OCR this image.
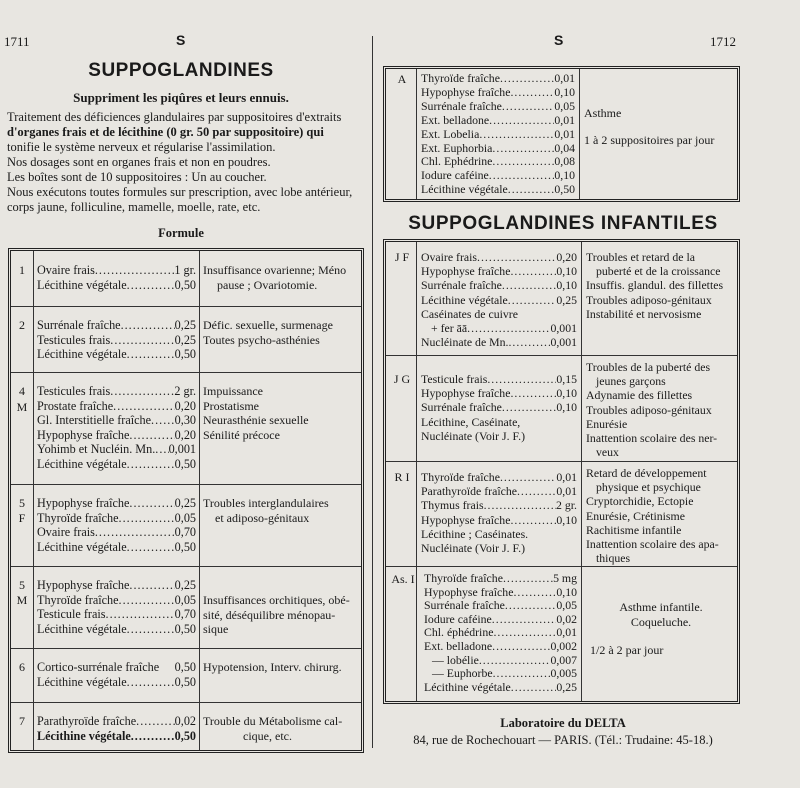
1711	S	S	1712
SUPPOGLANDINES
Suppriment les piqûres et leurs ennuis.
Traitement des déficiences glandulaires par suppositoires d'extraits
d'organes frais et de lécithine (0 gr. 50 par suppositoire) qui
tonifie le système nerveux et régularise l'assimilation.
Nos dosages sont en organes frais et non en poudres.
Les boîtes sont de 10 suppositoires : Un au coucher.
Nous exécutons toutes formules sur prescription, avec lobe antérieur,
corps jaune, folliculine, mamelle, moelle, rate, etc.
Formule
1 Ovaire frais .....	1 gr.
Lécithine végétale .....	0,50
Insuffisance ovarienne; Méno
pause ; Ovariotomie.
2 Surrénale fraîche .....	0,25
Testicules frais .....	0,25
Lécithine végétale .....	0,50
Défic. sexuelle, surmenage
Toutes psycho-asthénies
4
M
Testicules frais .....	2 gr.
Prostate fraîche .....	0,20
Gl. Interstitielle fraîche ..... 0,30
Hypophyse fraîche .....	0,20
Yohimb et Nucléin. Mn. ..... 0,001
Lécithine végétale .....	0,50
Impuissance
Prostatisme
Neurasthénie sexuelle
Sénilité précoce
5
F
Hypophyse fraîche .....	0,25
Thyroïde fraîche .....	0,05
Ovaire frais .....	0,70
Lécithine végétale .....	0,50
Troubles interglandulaires
et adiposo-génitaux
5
M
Hypophyse fraîche .....	0,25
Thyroïde fraîche .....	0,05
Testicule frais .....	0,70
Lécithine végétale .....	0,50
Insuffisances orchitiques, obé-
sité, déséquilibre ménopau-
sique
6 Cortico-surrénale fraîche 0,50
Lécithine végétale .....	0,50
Hypotension, Interv. chirurg.
7 Parathyroïde fraîche .....	0,02
Lécithine végétale .....	0,50
Trouble du Métabolisme cal-
cique, etc.
A	Thyroïde fraîche .....	0,01
Hypophyse fraîche .....	0,10
Surrénale fraîche .....	0,05
Ext. belladone .....	0,01
Ext. Lobelia .....	0,01
Ext. Euphorbia .....	0,04
Chl. Ephédrine .....	0,08
Iodure caféine .....	0,10
Lécithine végétale .....	0,50
Asthme
1 à 2 suppositoires par jour
SUPPOGLANDINES INFANTILES
J F	Ovaire frais .....	0,20
Hypophyse fraîche .....	0,10
Surrénale fraîche .....	0,10
Lécithine végétale .....	0,25
Caséinates de cuivre
+ fer āā .....	0,001
Nucléinate de Mn. .....	0,001
Troubles et retard de la
puberté et de la croissance
Insuffis. glandul. des fillettes
Troubles adiposo-génitaux
Instabilité et nervosisme
J G Testicule frais .....	0,15
Hypophyse fraîche .....	0,10
Surrénale fraîche .....	0,10
Lécithine, Caséinate,
Nucléinate (Voir J. F.)
Troubles de la puberté des
jeunes garçons
Adynamie des fillettes
Troubles adiposo-génitaux
Enurésie
Inattention scolaire des ner-
veux
R I Thyroïde fraîche .....	0,01
Parathyroïde fraîche .....	0,01
Thymus frais .....	2 gr.
Hypophyse fraîche .....	0,10
Lécithine ; Caséinates.
Nucléinate (Voir J. F.)
Retard de développement
physique et psychique
Cryptorchidie, Ectopie
Enurésie, Crétinisme
Rachitisme infantile
Inattention scolaire des apa-
thiques
As. I Thyroïde fraîche .....	5 mg
Hypophyse fraîche .....	0,10
Surrénale fraîche .....	0,05
Iodure caféine .....	0,02
Chl. éphédrine .....	0,01
Ext. belladone .....	0,002
— lobélie .....	0,007
— Euphorbe .....	0,005
Lécithine végétale .....	0,25
Asthme infantile.
Coqueluche.
1/2 à 2 par jour
Laboratoire du DELTA
84, rue de Rochechouart — PARIS. (Tél.: Trudaine: 45-18.)
